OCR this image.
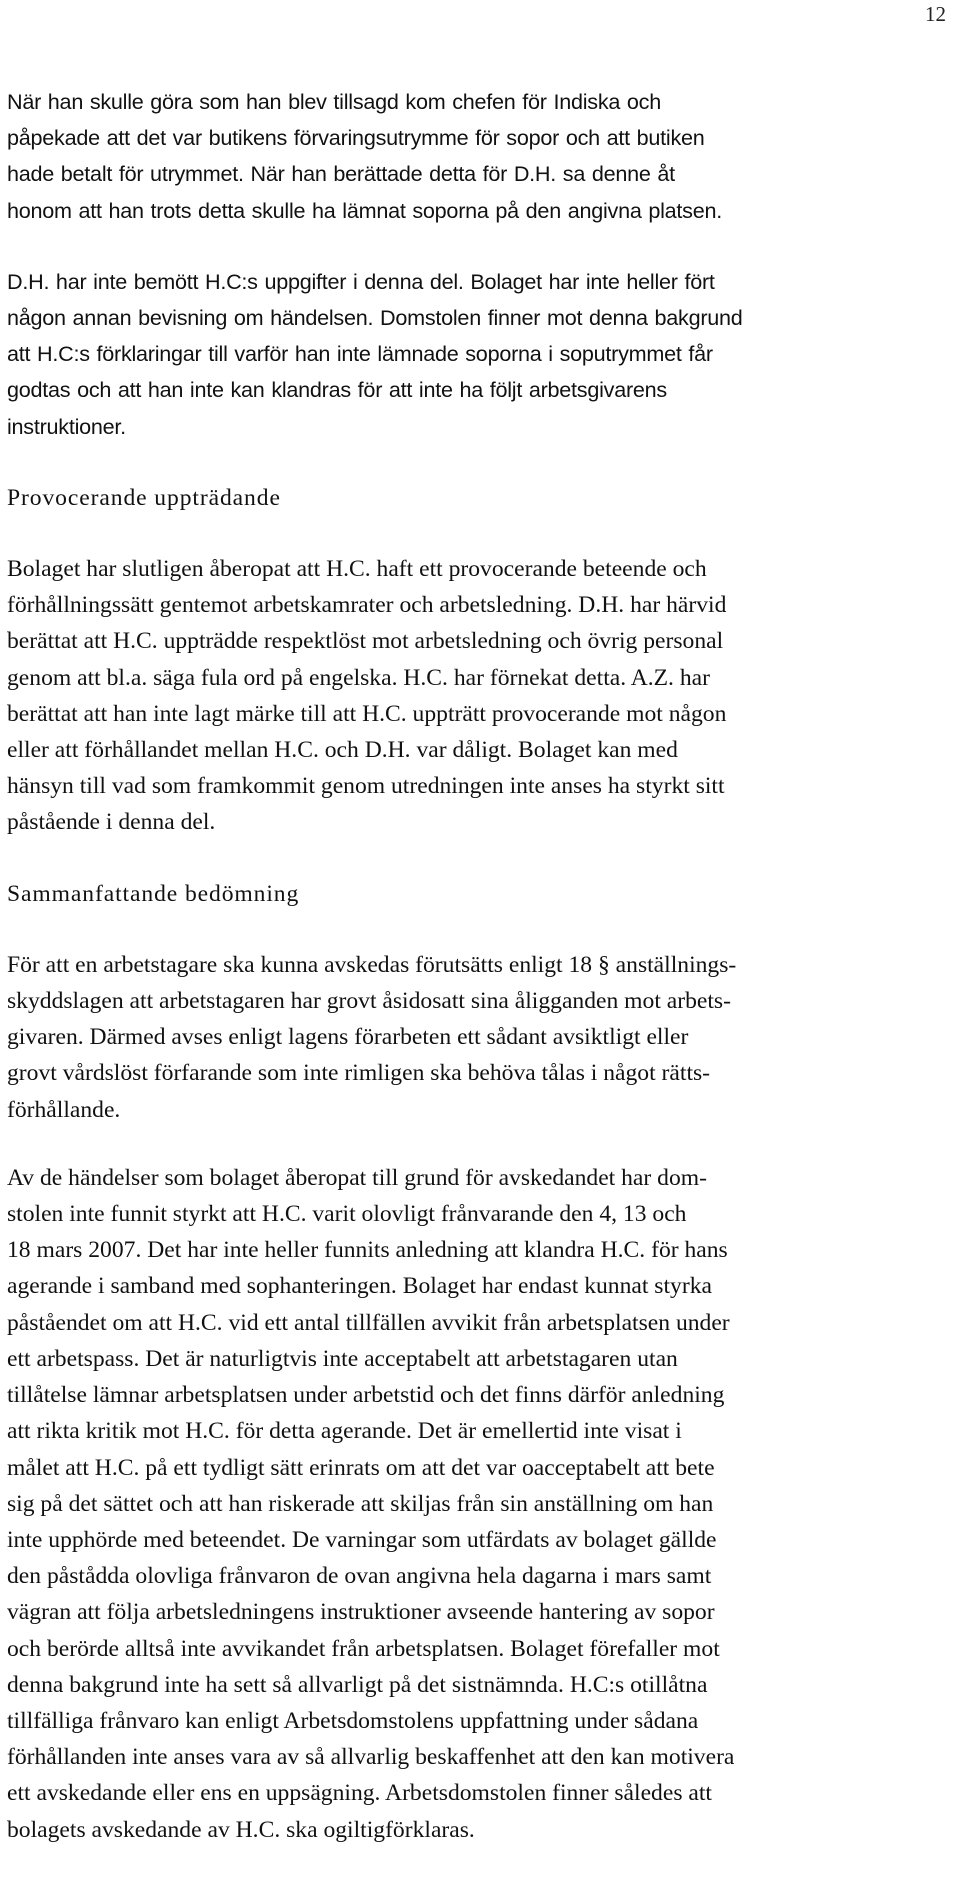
12

När han skulle göra som han blev tillsagd kom chefen för Indiska och
påpekade att det var butikens förvaringsutrymme för sopor och att butiken
hade betalt för utrymmet. När han berättade detta för D.H. sa denne åt
honom att han trots detta skulle ha lämnat soporna på den angivna platsen.

D.H. har inte bemött H.C:s uppgifter i denna del. Bolaget har inte heller fört
någon annan bevisning om händelsen. Domstolen finner mot denna bakgrund
att H.C:s förklaringar till varför han inte lämnade soporna i soputrymmet får
godtas och att han inte kan klandras för att inte ha följt arbetsgivarens
instruktioner.

Provocerande uppträdande

Bolaget har slutligen åberopat att H.C. haft ett provocerande beteende och
förhållningssätt gentemot arbetskamrater och arbetsledning. D.H. har härvid
berättat att H.C. uppträdde respektlöst mot arbetsledning och övrig personal
genom att bl.a. säga fula ord på engelska. H.C. har förnekat detta. A.Z. har
berättat att han inte lagt märke till att H.C. uppträtt provocerande mot någon
eller att förhållandet mellan H.C. och D.H. var dåligt. Bolaget kan med
hänsyn till vad som framkommit genom utredningen inte anses ha styrkt sitt
påstående i denna del.

Sammanfattande bedömning

För att en arbetstagare ska kunna avskedas förutsätts enligt 18 § anställnings-
skyddslagen att arbetstagaren har grovt åsidosatt sina åligganden mot arbets-
givaren. Därmed avses enligt lagens förarbeten ett sådant avsiktligt eller
grovt vårdslöst förfarande som inte rimligen ska behöva tålas i något rätts-
förhållande.

Av de händelser som bolaget åberopat till grund för avskedandet har dom-
stolen inte funnit styrkt att H.C. varit olovligt frånvarande den 4, 13 och
18 mars 2007. Det har inte heller funnits anledning att klandra H.C. för hans
agerande i samband med sophanteringen. Bolaget har endast kunnat styrka
påståendet om att H.C. vid ett antal tillfällen avvikit från arbetsplatsen under
ett arbetspass. Det är naturligtvis inte acceptabelt att arbetstagaren utan
tillåtelse lämnar arbetsplatsen under arbetstid och det finns därför anledning
att rikta kritik mot H.C. för detta agerande. Det är emellertid inte visat i
målet att H.C. på ett tydligt sätt erinrats om att det var oacceptabelt att bete
sig på det sättet och att han riskerade att skiljas från sin anställning om han
inte upphörde med beteendet. De varningar som utfärdats av bolaget gällde
den påstådda olovliga frånvaron de ovan angivna hela dagarna i mars samt
vägran att följa arbetsledningens instruktioner avseende hantering av sopor
och berörde alltså inte avvikandet från arbetsplatsen. Bolaget förefaller mot
denna bakgrund inte ha sett så allvarligt på det sistnämnda. H.C:s otillåtna
tillfälliga frånvaro kan enligt Arbetsdomstolens uppfattning under sådana
förhållanden inte anses vara av så allvarlig beskaffenhet att den kan motivera
ett avskedande eller ens en uppsägning. Arbetsdomstolen finner således att
bolagets avskedande av H.C. ska ogiltigförklaras.
